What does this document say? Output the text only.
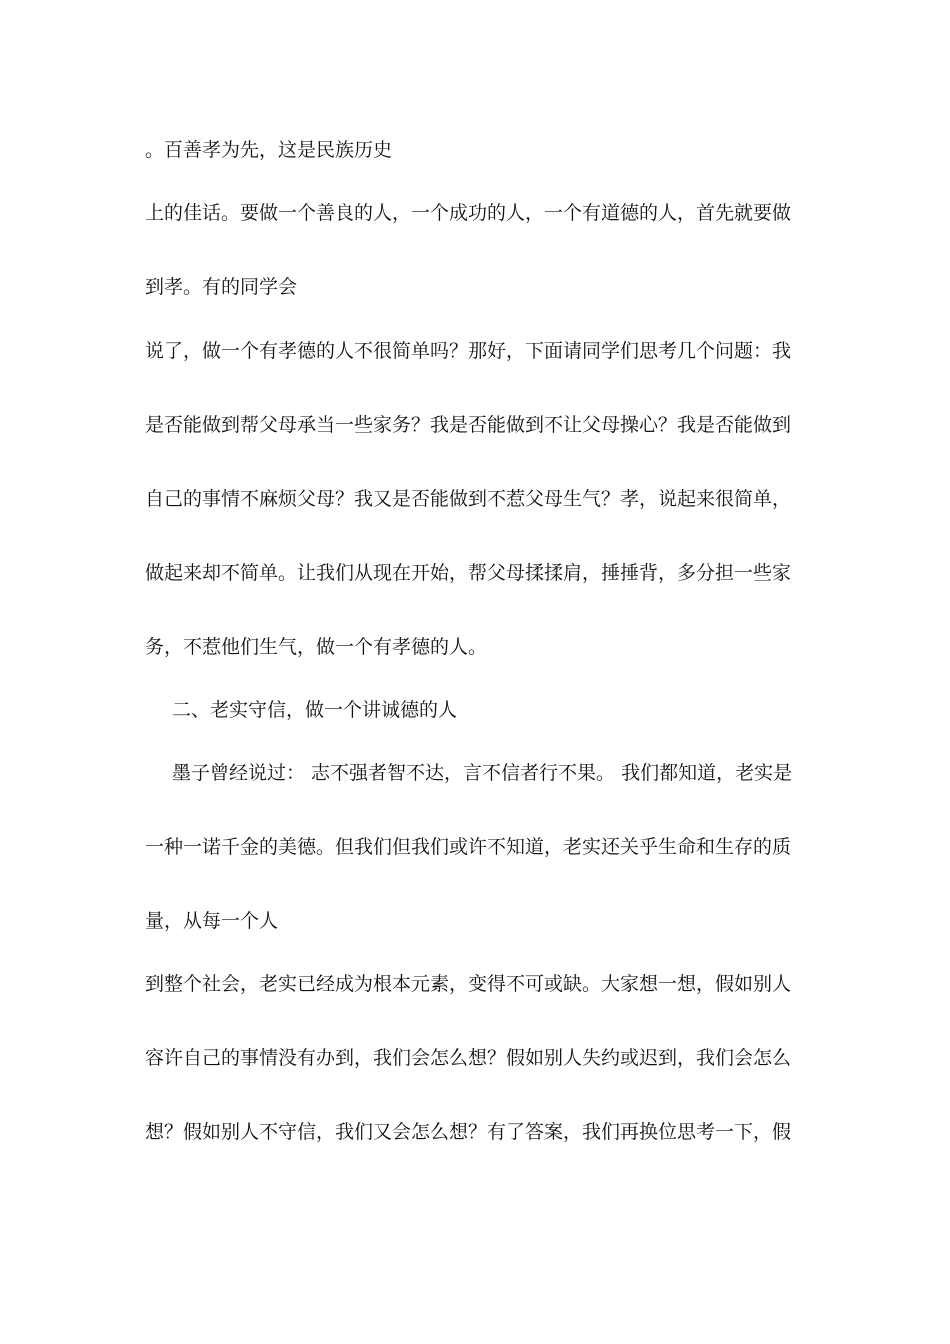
。百善孝为先，这是民族历史

上的佳话。要做一个善良的人，一个成功的人，一个有道德的人，首先就要做

到孝。有的同学会

说了，做一个有孝德的人不很简单吗？那好，下面请同学们思考几个问题：我

是否能做到帮父母承当一些家务？我是否能做到不让父母操心？我是否能做到

自己的事情不麻烦父母？我又是否能做到不惹父母生气？孝，说起来很简单，

做起来却不简单。让我们从现在开始，帮父母揉揉肩，捶捶背，多分担一些家

务，不惹他们生气，做一个有孝德的人。

二、老实守信，做一个讲诚德的人

墨子曾经说过： 志不强者智不达，言不信者行不果。 我们都知道，老实是

一种一诺千金的美德。但我们但我们或许不知道，老实还关乎生命和生存的质

量，从每一个人

到整个社会，老实已经成为根本元素，变得不可或缺。大家想一想，假如别人

容许自己的事情没有办到，我们会怎么想？假如别人失约或迟到，我们会怎么

想？假如别人不守信，我们又会怎么想？有了答案，我们再换位思考一下，假
